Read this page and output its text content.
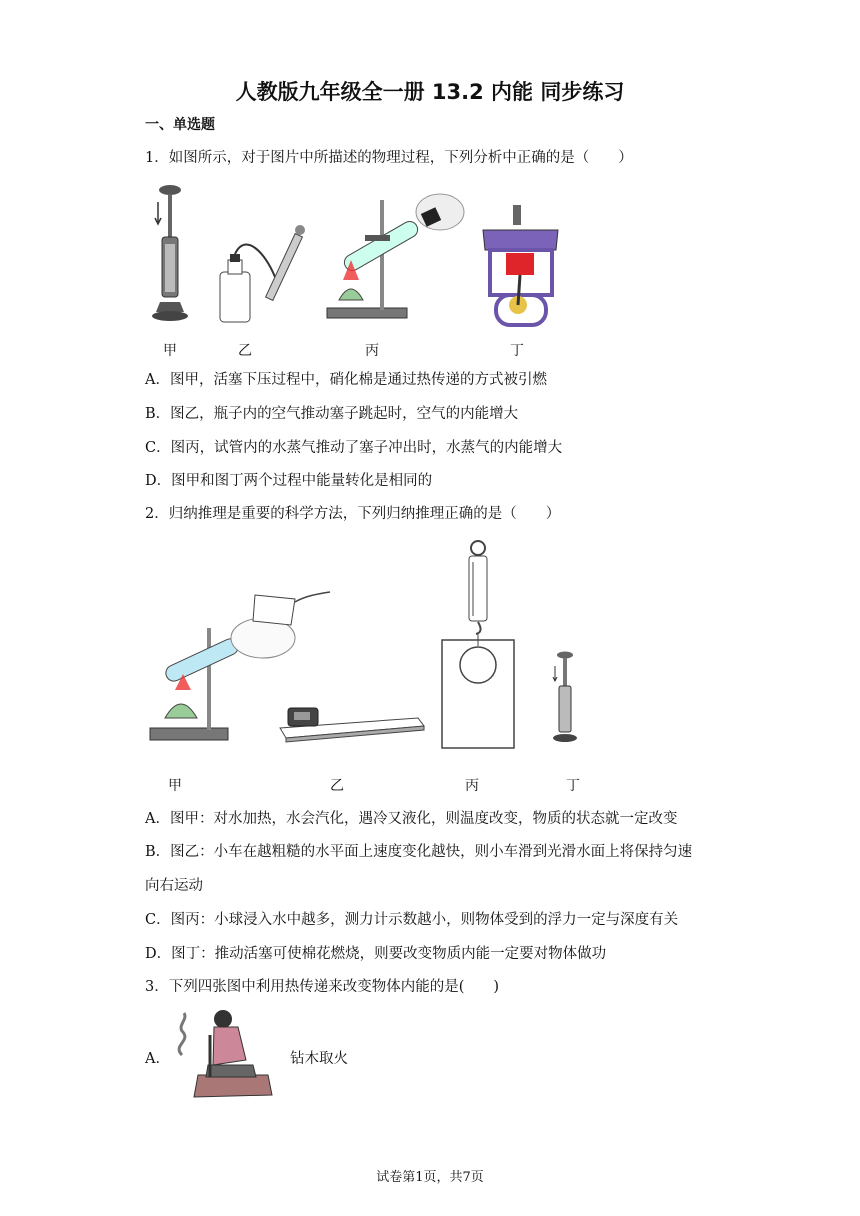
人教版九年级全一册 13.2 内能 同步练习
一、单选题
1．如图所示，对于图片中所描述的物理过程，下列分析中正确的是（　　）
甲	乙	丙	丁
A．图甲，活塞下压过程中，硝化棉是通过热传递的方式被引燃
B．图乙，瓶子内的空气推动塞子跳起时，空气的内能增大
C．图丙，试管内的水蒸气推动了塞子冲出时，水蒸气的内能增大
D．图甲和图丁两个过程中能量转化是相同的
2．归纳推理是重要的科学方法，下列归纳推理正确的是（　　）
甲	乙	丙	丁
A．图甲：对水加热，水会汽化，遇冷又液化，则温度改变，物质的状态就一定改变
B．图乙：小车在越粗糙的水平面上速度变化越快，则小车滑到光滑水面上将保持匀速
向右运动
C．图丙：小球浸入水中越多，测力计示数越小，则物体受到的浮力一定与深度有关
D．图丁：推动活塞可使棉花燃烧，则要改变物质内能一定要对物体做功
3．下列四张图中利用热传递来改变物体内能的是(　　)
A．	钻木取火
试卷第1页，共7页
